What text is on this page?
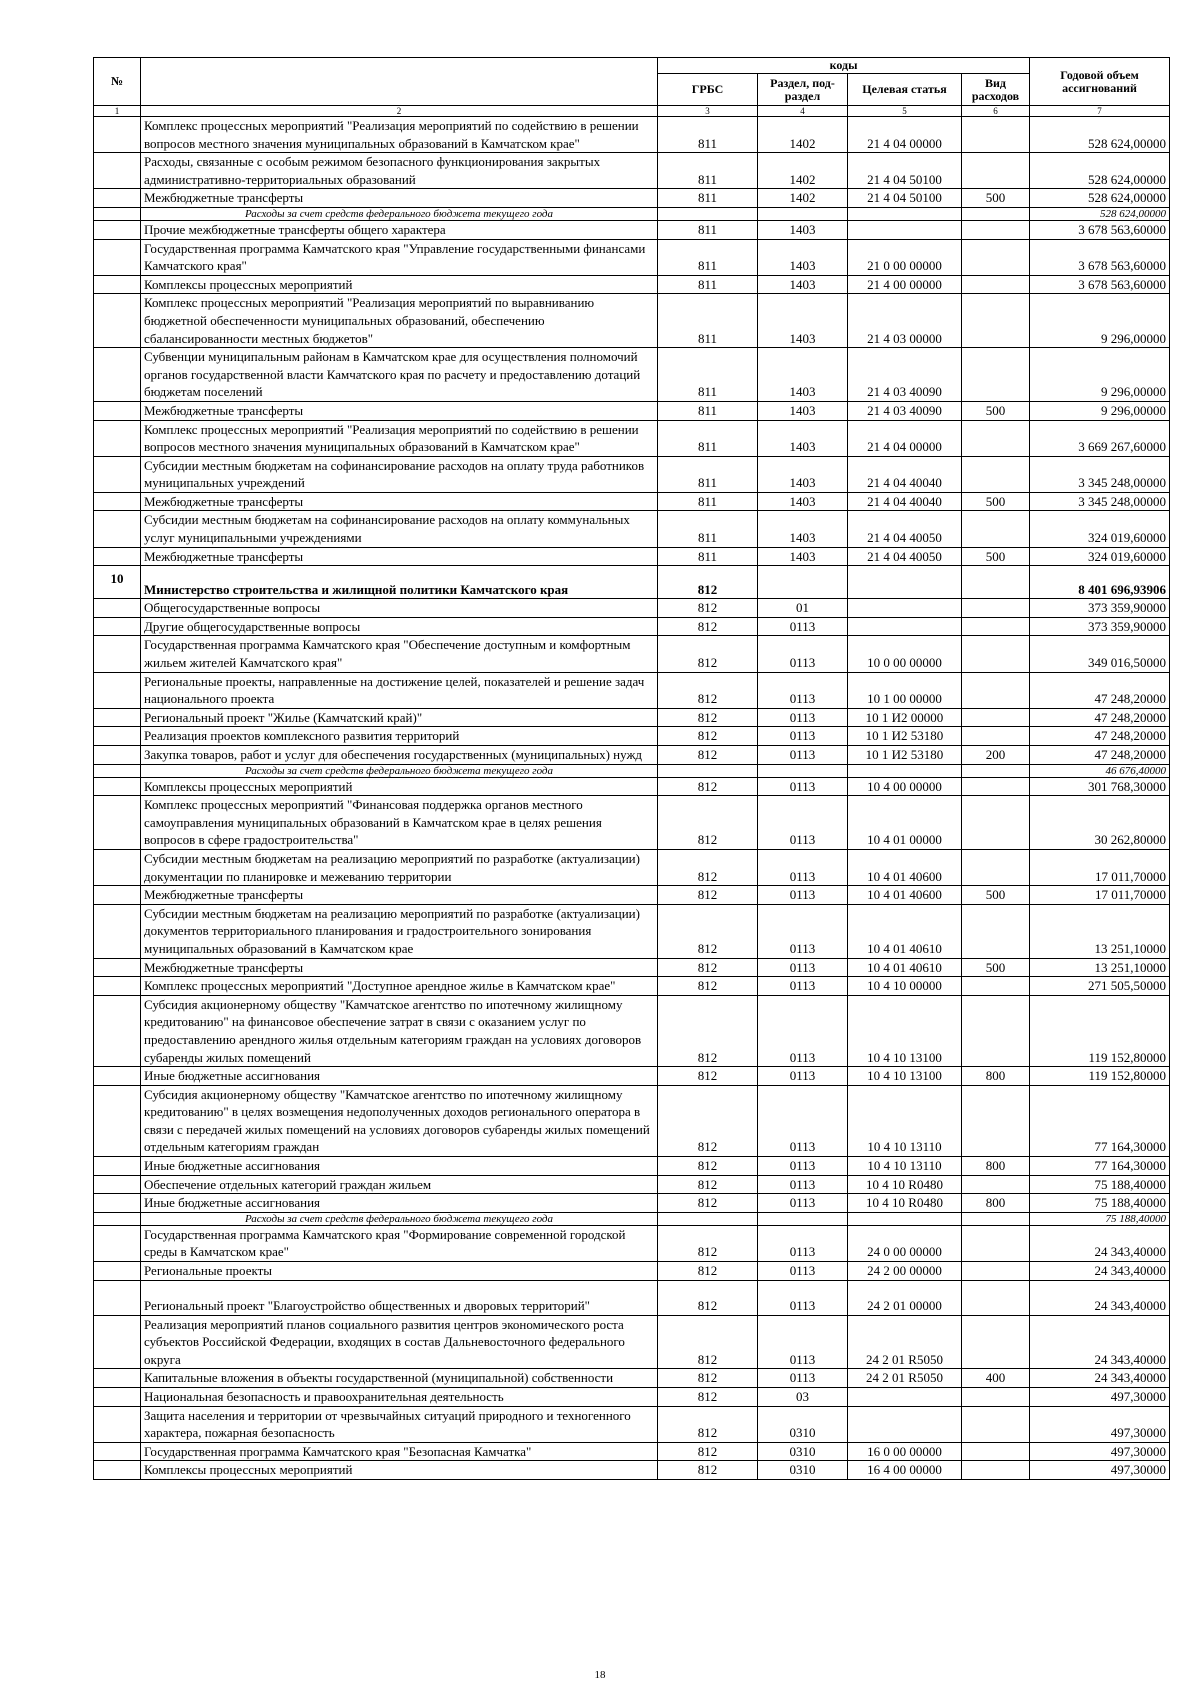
№		коды				Годовой объем ассигнований
		ГРБС	Раздел, под-раздел	Целевая статья	Вид расходов	
1	2	3	4	5	6	7
	Комплекс процессных мероприятий "Реализация мероприятий по содействию в решении вопросов местного значения муниципальных образований в Камчатском крае"	811	1402	21 4 04 00000		528 624,00000
	Расходы, связанные с особым режимом безопасного функционирования закрытых административно-территориальных образований	811	1402	21 4 04 50100		528 624,00000
	Межбюджетные трансферты	811	1402	21 4 04 50100	500	528 624,00000
	Расходы за счет средств федерального бюджета текущего года					528 624,00000
	Прочие межбюджетные трансферты общего характера	811	1403			3 678 563,60000
	Государственная программа Камчатского края "Управление государственными финансами Камчатского края"	811	1403	21 0 00 00000		3 678 563,60000
	Комплексы процессных мероприятий	811	1403	21 4 00 00000		3 678 563,60000
	Комплекс процессных мероприятий "Реализация мероприятий по выравниванию бюджетной обеспеченности муниципальных образований, обеспечению сбалансированности местных бюджетов"	811	1403	21 4 03 00000		9 296,00000
	Субвенции муниципальным районам в Камчатском крае для осуществления полномочий органов государственной власти Камчатского края по расчету и предоставлению дотаций бюджетам поселений	811	1403	21 4 03 40090		9 296,00000
	Межбюджетные трансферты	811	1403	21 4 03 40090	500	9 296,00000
	Комплекс процессных мероприятий "Реализация мероприятий по содействию в решении вопросов местного значения муниципальных образований в Камчатском крае"	811	1403	21 4 04 00000		3 669 267,60000
	Субсидии местным бюджетам на софинансирование расходов на оплату труда работников муниципальных учреждений	811	1403	21 4 04 40040		3 345 248,00000
	Межбюджетные трансферты	811	1403	21 4 04 40040	500	3 345 248,00000
	Субсидии местным бюджетам на софинансирование расходов на оплату коммунальных услуг муниципальными учреждениями	811	1403	21 4 04 40050		324 019,60000
	Межбюджетные трансферты	811	1403	21 4 04 40050	500	324 019,60000
10	Министерство строительства и жилищной политики Камчатского края	812				8 401 696,93906
	Общегосударственные вопросы	812	01			373 359,90000
	Другие общегосударственные вопросы	812	0113			373 359,90000
	Государственная программа Камчатского края "Обеспечение доступным и комфортным жильем жителей Камчатского края"	812	0113	10 0 00 00000		349 016,50000
	Региональные проекты, направленные на достижение целей, показателей и решение задач национального проекта	812	0113	10 1 00 00000		47 248,20000
	Региональный проект "Жилье (Камчатский край)"	812	0113	10 1 И2 00000		47 248,20000
	Реализация проектов комплексного развития территорий	812	0113	10 1 И2 53180		47 248,20000
	Закупка товаров, работ и услуг для обеспечения государственных (муниципальных) нужд	812	0113	10 1 И2 53180	200	47 248,20000
	Расходы за счет средств федерального бюджета текущего года					46 676,40000
	Комплексы процессных мероприятий	812	0113	10 4 00 00000		301 768,30000
	Комплекс процессных мероприятий "Финансовая поддержка органов местного самоуправления муниципальных образований в Камчатском крае в целях решения вопросов в сфере градостроительства"	812	0113	10 4 01 00000		30 262,80000
	Субсидии местным бюджетам на реализацию мероприятий по разработке (актуализации) документации по планировке и межеванию территории	812	0113	10 4 01 40600		17 011,70000
	Межбюджетные трансферты	812	0113	10 4 01 40600	500	17 011,70000
	Субсидии местным бюджетам на реализацию мероприятий по разработке (актуализации) документов территориального планирования и градостроительного зонирования муниципальных образований в Камчатском крае	812	0113	10 4 01 40610		13 251,10000
	Межбюджетные трансферты	812	0113	10 4 01 40610	500	13 251,10000
	Комплекс процессных мероприятий "Доступное арендное жилье в Камчатском крае"	812	0113	10 4 10 00000		271 505,50000
	Субсидия акционерному обществу "Камчатское агентство по ипотечному жилищному кредитованию" на финансовое обеспечение затрат в связи с оказанием услуг по предоставлению арендного жилья отдельным категориям граждан на условиях договоров субаренды жилых помещений	812	0113	10 4 10 13100		119 152,80000
	Иные бюджетные ассигнования	812	0113	10 4 10 13100	800	119 152,80000
	Субсидия акционерному обществу "Камчатское агентство по ипотечному жилищному кредитованию" в целях возмещения недополученных доходов регионального оператора в связи с передачей жилых помещений на условиях договоров субаренды жилых помещений отдельным категориям граждан	812	0113	10 4 10 13110		77 164,30000
	Иные бюджетные ассигнования	812	0113	10 4 10 13110	800	77 164,30000
	Обеспечение отдельных категорий граждан жильем	812	0113	10 4 10 R0480		75 188,40000
	Иные бюджетные ассигнования	812	0113	10 4 10 R0480	800	75 188,40000
	Расходы за счет средств федерального бюджета текущего года					75 188,40000
	Государственная программа Камчатского края "Формирование современной городской среды в Камчатском крае"	812	0113	24 0 00 00000		24 343,40000
	Региональные проекты	812	0113	24 2 00 00000		24 343,40000
	Региональный проект "Благоустройство общественных и дворовых территорий"	812	0113	24 2 01 00000		24 343,40000
	Реализация мероприятий планов социального развития центров экономического роста субъектов Российской Федерации, входящих в состав Дальневосточного федерального округа	812	0113	24 2 01 R5050		24 343,40000
	Капитальные вложения в объекты государственной (муниципальной) собственности	812	0113	24 2 01 R5050	400	24 343,40000
	Национальная безопасность и правоохранительная деятельность	812	03			497,30000
	Защита населения и территории от чрезвычайных ситуаций природного и техногенного характера, пожарная безопасность	812	0310			497,30000
	Государственная программа Камчатского края "Безопасная Камчатка"	812	0310	16 0 00 00000		497,30000
	Комплексы процессных мероприятий	812	0310	16 4 00 00000		497,30000
18
